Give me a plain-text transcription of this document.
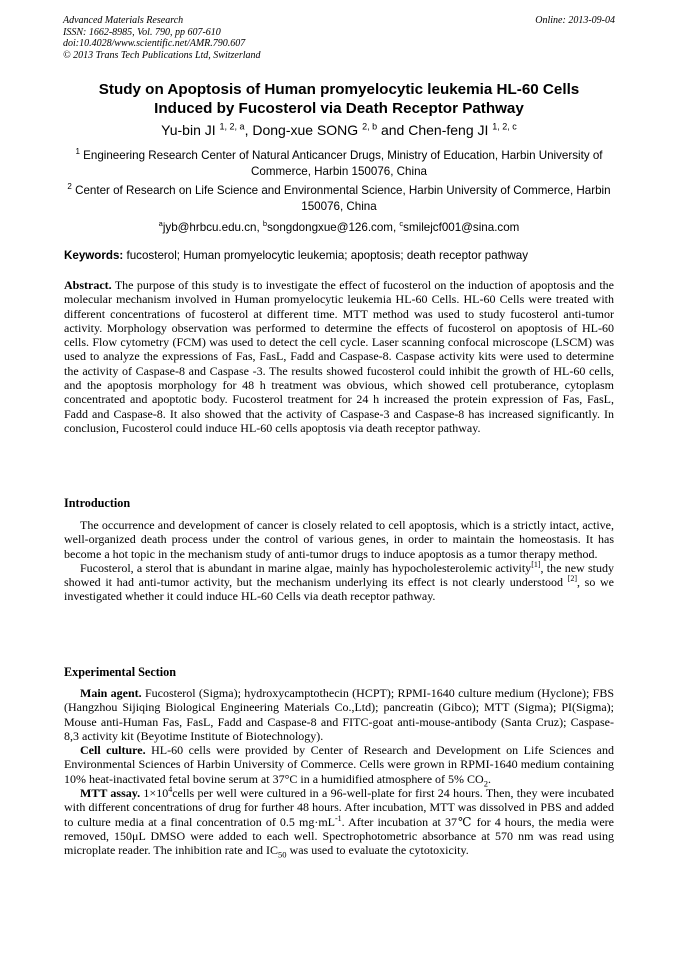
Advanced Materials Research
ISSN: 1662-8985, Vol. 790, pp 607-610
doi:10.4028/www.scientific.net/AMR.790.607
© 2013 Trans Tech Publications Ltd, Switzerland
Online: 2013-09-04
Study on Apoptosis of Human promyelocytic leukemia HL-60 Cells
Induced by Fucosterol via Death Receptor Pathway
Yu-bin JI $^{1, 2, a}$, Dong-xue SONG $^{2, b}$ and Chen-feng JI $^{1, 2, c}$
$^1$ Engineering Research Center of Natural Anticancer Drugs, Ministry of Education, Harbin University of Commerce, Harbin 150076, China
$^2$ Center of Research on Life Science and Environmental Science, Harbin University of Commerce, Harbin 150076, China
$^a$jyb@hrbcu.edu.cn, $^b$songdongxue@126.com, $^c$smilejcf001@sina.com
Keywords: fucosterol; Human promyelocytic leukemia; apoptosis; death receptor pathway

Abstract. The purpose of this study is to investigate the effect of fucosterol on the induction of apoptosis and the molecular mechanism involved in Human promyelocytic leukemia HL-60 Cells. HL-60 Cells were treated with different concentrations of fucosterol at different time. MTT method was used to study fucosterol anti-tumor activity. Morphology observation was performed to determine the effects of fucosterol on apoptosis of HL-60 cells. Flow cytometry (FCM) was used to detect the cell cycle. Laser scanning confocal microscope (LSCM) was used to analyze the expressions of Fas, FasL, Fadd and Caspase-8. Caspase activity kits were used to determine the activity of Caspase-8 and Caspase -3. The results showed fucosterol could inhibit the growth of HL-60 cells, and the apoptosis morphology for 48 h treatment was obvious, which showed cell protuberance, cytoplasm concentrated and apoptotic body. Fucosterol treatment for 24 h increased the protein expression of Fas, FasL, Fadd and Caspase-8. It also showed that the activity of Caspase-3 and Caspase-8 has increased significantly. In conclusion, Fucosterol could induce HL-60 cells apoptosis via death receptor pathway.

Introduction

The occurrence and development of cancer is closely related to cell apoptosis, which is a strictly intact, active, well-organized death process under the control of various genes, in order to maintain the homeostasis. It has become a hot topic in the mechanism study of anti-tumor drugs to induce apoptosis as a tumor therapy method.

Fucosterol, a sterol that is abundant in marine algae, mainly has hypocholesterolemic activity[1], the new study showed it had anti-tumor activity, but the mechanism underlying its effect is not clearly understood [2], so we investigated whether it could induce HL-60 Cells via death receptor pathway.

Experimental Section

Main agent. Fucosterol (Sigma); hydroxycamptothecin (HCPT); RPMI-1640 culture medium (Hyclone); FBS (Hangzhou Sijiqing Biological Engineering Materials Co.,Ltd); pancreatin (Gibco); MTT (Sigma); PI(Sigma); Mouse anti-Human Fas, FasL, Fadd and Caspase-8 and FITC-goat anti-mouse-antibody (Santa Cruz); Caspase-8,3 activity kit (Beyotime Institute of Biotechnology).

Cell culture. HL-60 cells were provided by Center of Research and Development on Life Sciences and Environmental Sciences of Harbin University of Commerce. Cells were grown in RPMI-1640 medium containing 10% heat-inactivated fetal bovine serum at 37°C in a humidified atmosphere of 5% $CO_2$.

MTT assay. $1\times 10^4cells$ per well were cultured in a 96-well-plate for first 24 hours. Then, they were incubated with different concentrations of drug for further 48 hours. After incubation, MTT was dissolved in PBS and added to culture media at a final concentration of 0.5 $mg\cdot mL^{-1}$. After incubation at 37℃ for 4 hours, the media were removed, 150μL DMSO were added to each well. Spectrophotometric absorbance at 570 nm was read using microplate reader. The inhibition rate and $IC_{50}$ was used to evaluate the cytotoxicity.
